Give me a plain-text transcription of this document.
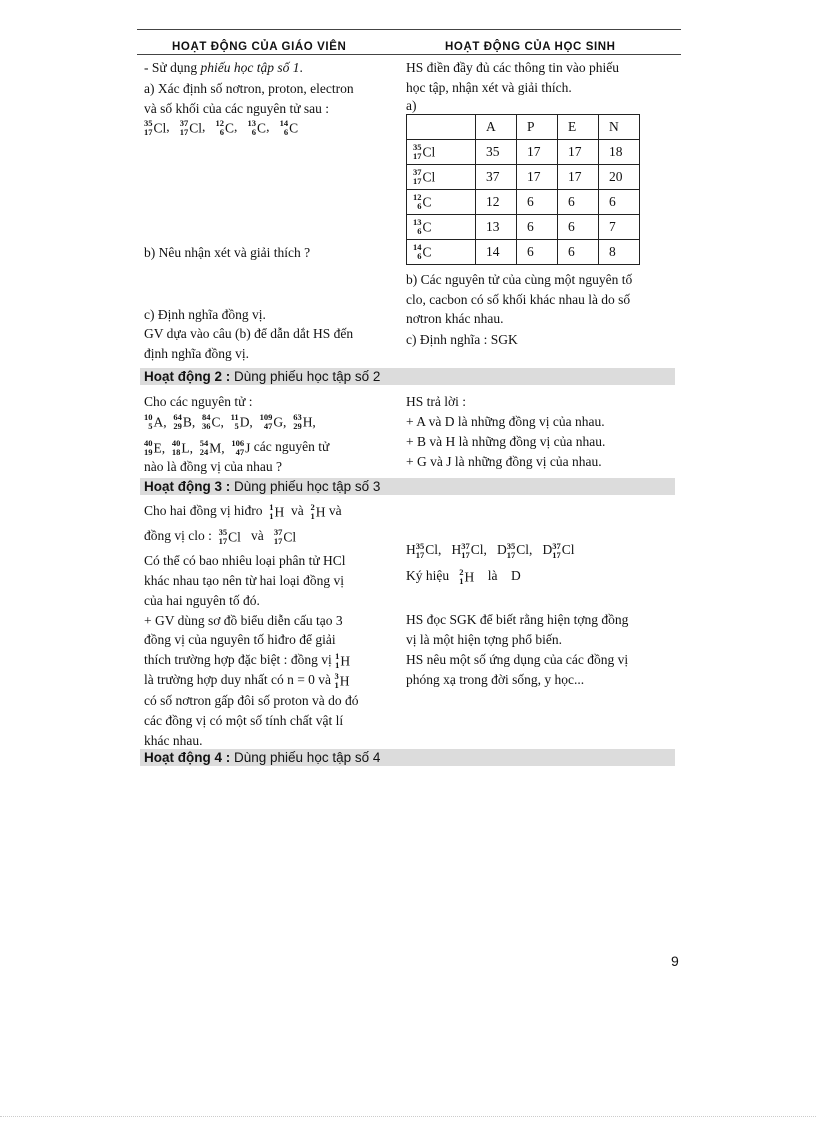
HOẠT ĐỘNG CỦA GIÁO VIÊN	HOẠT ĐỘNG CỦA HỌC SINH
- Sử dụng phiếu học tập số 1.
a) Xác định số nơtron, proton, electron
và số khối của các nguyên tử sau :
35
17 Cl, 37
17 Cl, 12
6 C, 13
6 C, 14
6 C
b) Nêu nhận xét và giải thích ?
c) Định nghĩa đồng vị.
GV dựa vào câu (b) để dẫn dắt HS đến
định nghĩa đồng vị.
HS điền đầy đủ các thông tin vào phiếu
học tập, nhận xét và giải thích.
a)
	A	P	E	N

35
17 Cl	35	17	17	18

37
17 Cl	37	17	17	20

12
6 C	12	6	6	6

13
6 C	13	6	6	7

14
6 C	14	6	6	8
b) Các nguyên tử của cùng một nguyên tố
clo, cacbon có số khối khác nhau là do số
nơtron khác nhau.
c) Định nghĩa : SGK
Hoạt động 2 : Dùng phiếu học tập số 2
Cho các nguyên tử :
10
5 A, 64
29 B, 84
36 C, 11
5 D, 109
47 G, 63
29 H,
40
19 E, 40
18 L, 54
24 M, 106
47 J các nguyên tử
nào là đồng vị của nhau ?
HS trả lời :
+ A và D là những đồng vị của nhau.
+ B và H là những đồng vị của nhau.
+ G và J là những đồng vị của nhau.
Hoạt động 3 : Dùng phiếu học tập số 3
Cho hai đồng vị hiđro 1
1 H và 2
1 H và
đồng vị clo : 35
17 Cl và 37
17 Cl
Có thể có bao nhiêu loại phân tử HCl
khác nhau tạo nên từ hai loại đồng vị
của hai nguyên tố đó.
+ GV dùng sơ đồ biểu diễn cấu tạo 3
đồng vị của nguyên tố hiđro để giải
thích trường hợp đặc biệt : đồng vị 1
1 H
là trường hợp duy nhất có n = 0 và 3
1 H
có số nơtron gấp đôi số proton và do đó
các đồng vị có một số tính chất vật lí
khác nhau.
H 35
17 Cl, H 37
17 Cl, D 35
17 Cl, D 37
17 Cl
Ký hiệu 2
1 H là D
HS đọc SGK để biết rằng hiện tợng đồng
vị là một hiện tợng phổ biến.
HS nêu một số ứng dụng của các đồng vị
phóng xạ trong đời sống, y học...
Hoạt động 4 : Dùng phiếu học tập số 4
9
